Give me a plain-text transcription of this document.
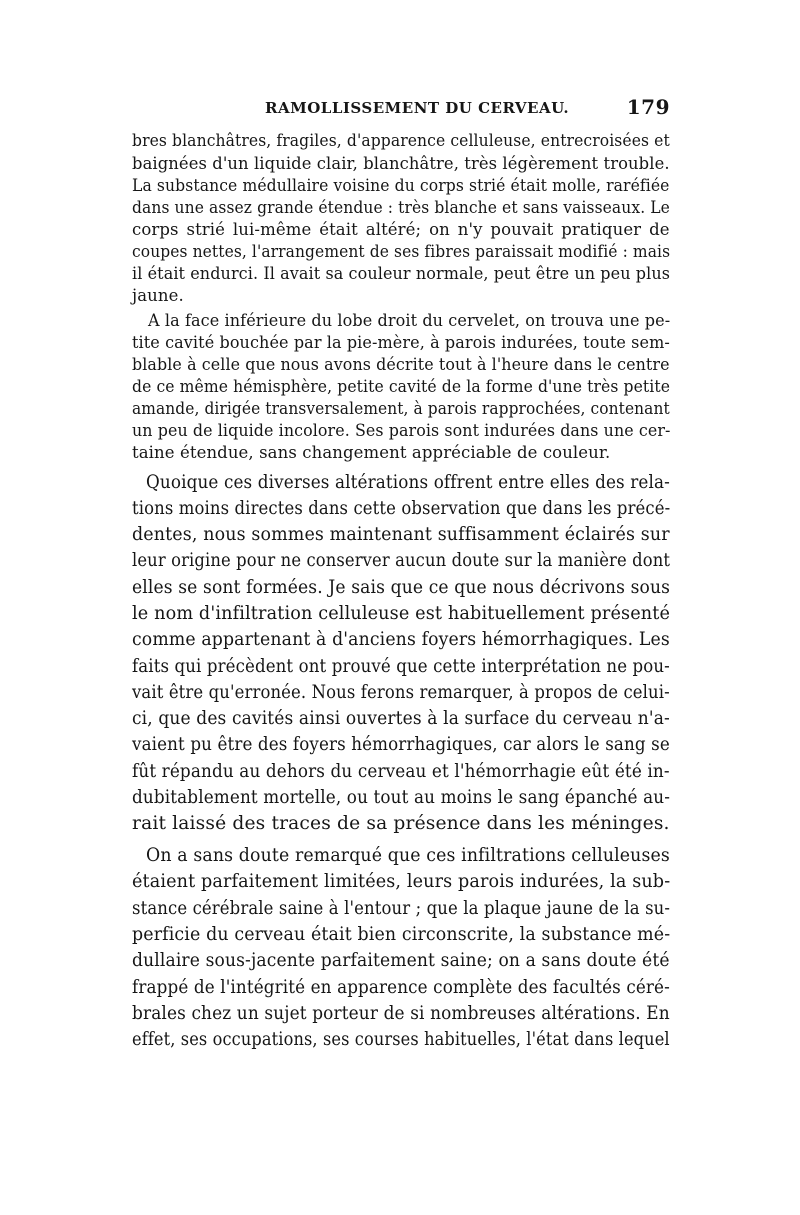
RAMOLLISSEMENT DU CERVEAU.	179
bres blanchâtres, fragiles, d'apparence celluleuse, entrecroisées et
baignées d'un liquide clair, blanchâtre, très légèrement trouble.
La substance médullaire voisine du corps strié était molle, raréfiée
dans une assez grande étendue : très blanche et sans vaisseaux. Le
corps strié lui-même était altéré; on n'y pouvait pratiquer de
coupes nettes, l'arrangement de ses fibres paraissait modifié : mais
il était endurci. Il avait sa couleur normale, peut être un peu plus
jaune.
A la face inférieure du lobe droit du cervelet, on trouva une pe-
tite cavité bouchée par la pie-mère, à parois indurées, toute sem-
blable à celle que nous avons décrite tout à l'heure dans le centre
de ce même hémisphère, petite cavité de la forme d'une très petite
amande, dirigée transversalement, à parois rapprochées, contenant
un peu de liquide incolore. Ses parois sont indurées dans une cer-
taine étendue, sans changement appréciable de couleur.
Quoique ces diverses altérations offrent entre elles des rela-
tions moins directes dans cette observation que dans les précé-
dentes, nous sommes maintenant suffisamment éclairés sur
leur origine pour ne conserver aucun doute sur la manière dont
elles se sont formées. Je sais que ce que nous décrivons sous
le nom d'infiltration celluleuse est habituellement présenté
comme appartenant à d'anciens foyers hémorrhagiques. Les
faits qui précèdent ont prouvé que cette interprétation ne pou-
vait être qu'erronée. Nous ferons remarquer, à propos de celui-
ci, que des cavités ainsi ouvertes à la surface du cerveau n'a-
vaient pu être des foyers hémorrhagiques, car alors le sang se
fût répandu au dehors du cerveau et l'hémorrhagie eût été in-
dubitablement mortelle, ou tout au moins le sang épanché au-
rait laissé des traces de sa présence dans les méninges.
On a sans doute remarqué que ces infiltrations celluleuses
étaient parfaitement limitées, leurs parois indurées, la sub-
stance cérébrale saine à l'entour ; que la plaque jaune de la su-
perficie du cerveau était bien circonscrite, la substance mé-
dullaire sous-jacente parfaitement saine; on a sans doute été
frappé de l'intégrité en apparence complète des facultés céré-
brales chez un sujet porteur de si nombreuses altérations. En
effet, ses occupations, ses courses habituelles, l'état dans lequel
